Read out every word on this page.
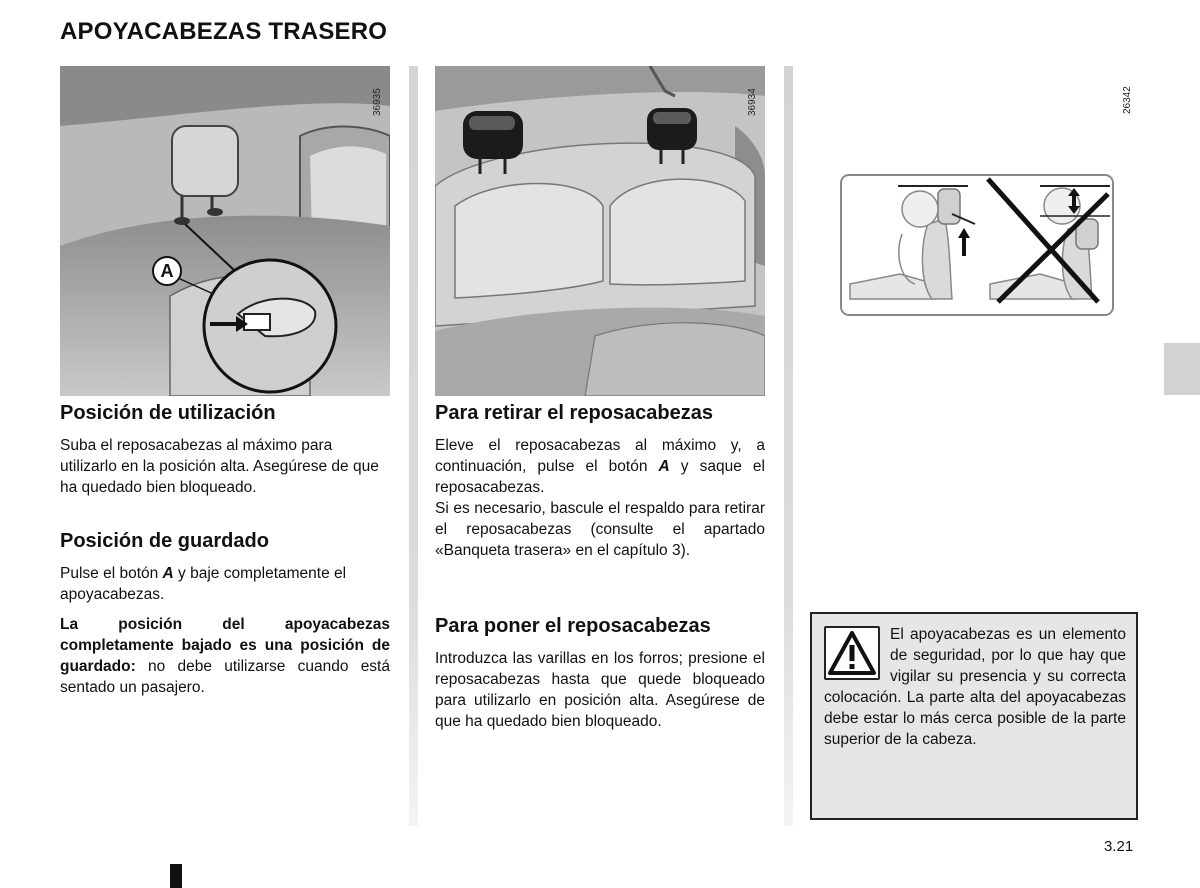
APOYACABEZAS TRASERO
A
36935	36934	26342
Posición de utilización

Suba el reposacabezas al máximo para utilizarlo en la posición alta. Asegúrese de que ha quedado bien bloqueado.

Posición de guardado

Pulse el botón A y baje completamente el apoyacabezas.

La posición del apoyacabezas completamente bajado es una posición de guardado: no debe utilizarse cuando está sentado un pasajero.

Para retirar el reposacabezas

Eleve el reposacabezas al máximo y, a continuación, pulse el botón A y saque el reposacabezas.

Si es necesario, bascule el respaldo para retirar el reposacabezas (consulte el apartado «Banqueta trasera» en el capítulo 3).

Para poner el reposacabezas

Introduzca las varillas en los forros; presione el reposacabezas hasta que quede bloqueado para utilizarlo en posición alta. Asegúrese de que ha quedado bien bloqueado.

El apoyacabezas es un elemento de seguridad, por lo que hay que vigilar su presencia y su correcta colocación. La parte alta del apoyacabezas debe estar lo más cerca posible de la parte superior de la cabeza.
3.21
